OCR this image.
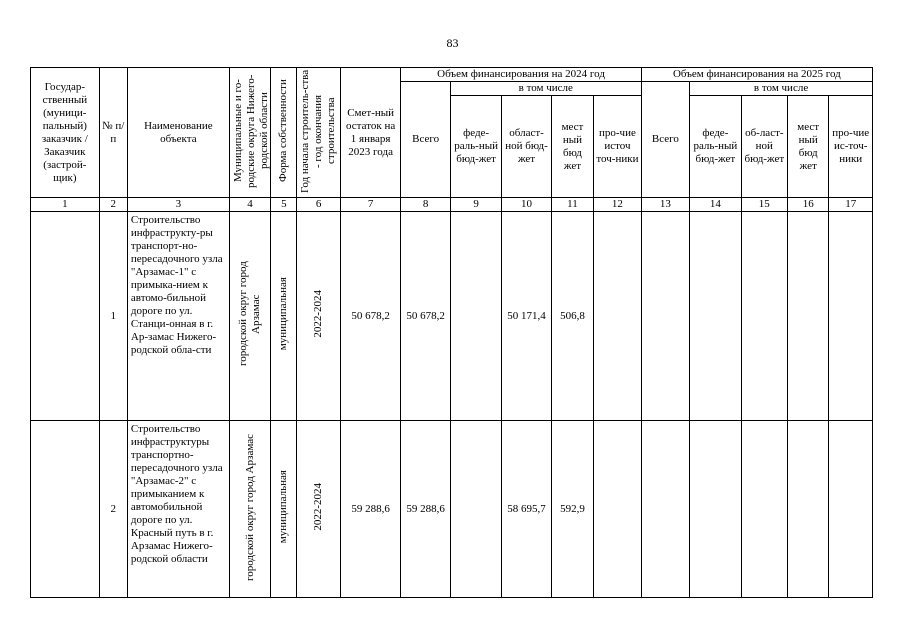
83
Государ-ственный (муници-пальный) заказчик / Заказчик (застрой-щик)	№ п/ п	Наименование объекта	Муниципальные и го-родские округа Нижего-родской области	Форма собственности	Год начала строитель-ства - год окончания строительства	Смет-ный остаток на 1 января 2023 года	Объем финансирования на 2024 год					Объем финансирования на 2025 год				
							Всего	в том числе				Всего	в том числе			
								феде-раль-ный бюд-жет	област-ной бюд-жет	мест ный бюд жет	про-чие источ точ-ники		феде-раль-ный бюд-жет	об-ласт-ной бюд-жет	мест ный бюд жет	про-чие ис-точ-ники
1	2	3	4	5	6	7	8	9	10	11	12	13	14	15	16	17
	1	Строительство инфраструкту-ры транспорт-но-пересадочного узла "Арзамас-1" с примыка-нием к автомо-бильной дороге по ул. Станци-онная в г. Ар-замас Нижего-родской обла-сти	городской округ город Арзамас	муниципальная	2022-2024	50 678,2	50 678,2		50 171,4	506,8						
	2	Строительство инфраструктуры транспортно-пересадочного узла "Арзамас-2" с примыканием к автомобильной дороге по ул. Красный путь в г. Арзамас Нижего-родской области	городской округ город Арзамас	муниципальная	2022-2024	59 288,6	59 288,6		58 695,7	592,9						
